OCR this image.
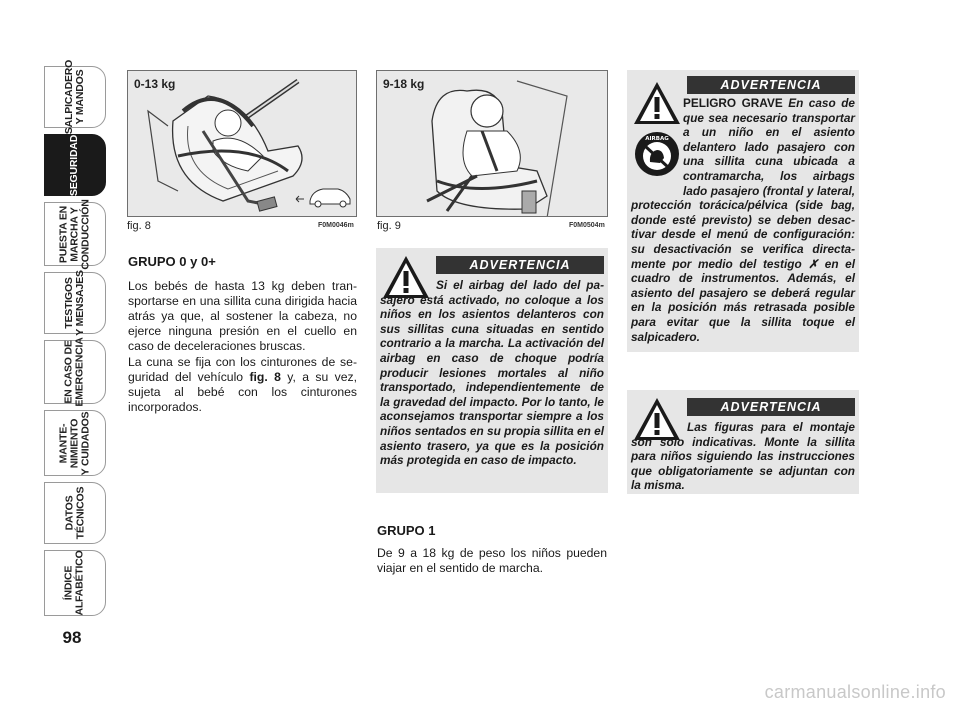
SALPICADERO
Y MANDOS
SEGURIDAD
PUESTA EN
MARCHA Y
CONDUCCIÓN
TESTIGOS
Y MENSAJES
EN CASO DE
EMERGENCIA
MANTE-
NIMIENTO
Y CUIDADOS
DATOS
TÉCNICOS
ÍNDICE
ALFABÉTICO
98
0-13 kg
fig. 8	F0M0046m
9-18 kg
fig. 9	F0M0504m
GRUPO 0 y 0+

Los bebés de hasta 13 kg deben transportarse en una sillita cuna dirigida hacia atrás ya que, al sostener la cabeza, no ejerce ninguna presión en el cuello en caso de deceleraciones bruscas.

La cuna se fija con los cinturones de seguridad del vehículo fig. 8 y, a su vez, sujeta al bebé con los cinturones incorporados.

ADVERTENCIA

Si el airbag del lado del pasajero está activado, no coloque a los niños en los asientos delanteros con sus sillitas cuna situadas en sentido contrario a la marcha. La activación del airbag en caso de choque podría producir lesiones mortales al niño transportado, independientemente de la gravedad del impacto. Por lo tanto, le aconsejamos transportar siempre a los niños sentados en su propia sillita en el asiento trasero, ya que es la posición más protegida en caso de impacto.

GRUPO 1

De 9 a 18 kg de peso los niños pueden viajar en el sentido de marcha.

AIRBAG
ADVERTENCIA

PELIGRO GRAVE En caso de que sea necesario transportar a un niño en el asiento delantero lado pasajero con una sillita cuna ubicada a contramarcha, los airbags lado pasajero (frontal y lateral, protección torácica/pélvica (side bag, donde esté previsto) se deben desactivar desde el menú de configuración: su desactivación se verifica directamente por medio del testigo ✗ en el cuadro de instrumentos. Además, el asiento del pasajero se deberá regular en la posición más retrasada posible para evitar que la sillita toque el salpicadero.

ADVERTENCIA

Las figuras para el montaje son sólo indicativas. Monte la sillita para niños siguiendo las instrucciones que obligatoriamente se adjuntan con la misma.

carmanualsonline.info
